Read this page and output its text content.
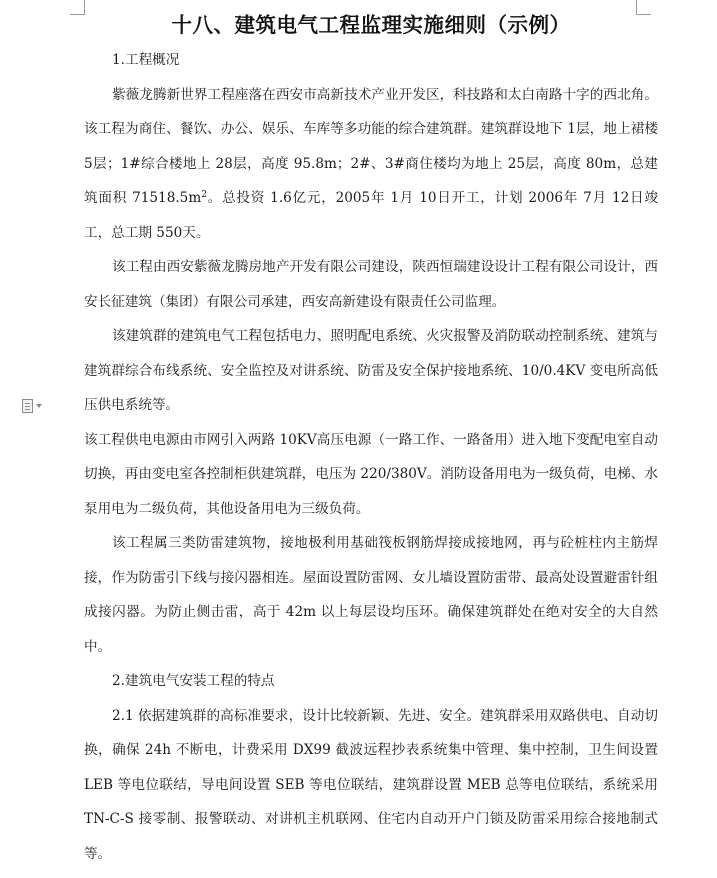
十八、建筑电气工程监理实施细则（示例）

1.工程概况

紫薇龙腾新世界工程座落在西安市高新技术产业开发区，科技路和太白南路十字的西北角。该工程为商住、餐饮、办公、娱乐、车库等多功能的综合建筑群。建筑群设地下 1层，地上裙楼 5层；1#综合楼地上 28层，高度 95.8m；2#、3#商住楼均为地上 25层，高度 80m，总建筑面积 $71518.5m^2$。总投资 1.6亿元，2005年 1月 10日开工，计划 2006年 7月 12日竣工，总工期 550天。

该工程由西安紫薇龙腾房地产开发有限公司建设，陕西恒瑞建设设计工程有限公司设计，西安长征建筑（集团）有限公司承建，西安高新建设有限责任公司监理。

该建筑群的建筑电气工程包括电力、照明配电系统、火灾报警及消防联动控制系统、建筑与建筑群综合布线系统、安全监控及对讲系统、防雷及安全保护接地系统、10/0.4KV 变电所高低压供电系统等。

该工程供电电源由市网引入两路 10KV高压电源（一路工作、一路备用）进入地下变配电室自动切换，再由变电室各控制柜供建筑群，电压为 220/380V。消防设备用电为一级负荷，电梯、水泵用电为二级负荷，其他设备用电为三级负荷。

该工程属三类防雷建筑物，接地极利用基础筏板钢筋焊接成接地网，再与砼桩柱内主筋焊接，作为防雷引下线与接闪器相连。屋面设置防雷网、女儿墙设置防雷带、最高处设置避雷针组成接闪器。为防止侧击雷，高于 42m 以上每层设均压环。确保建筑群处在绝对安全的大自然中。

2.建筑电气安装工程的特点

2.1 依据建筑群的高标准要求，设计比较新颖、先进、安全。建筑群采用双路供电、自动切换，确保 24h 不断电，计费采用 DX99 截波远程抄表系统集中管理、集中控制，卫生间设置 LEB 等电位联结，导电间设置 SEB 等电位联结，建筑群设置 MEB 总等电位联结，系统采用 TN-C-S 接零制、报警联动、对讲机主机联网、住宅内自动开户门锁及防雷采用综合接地制式等。
